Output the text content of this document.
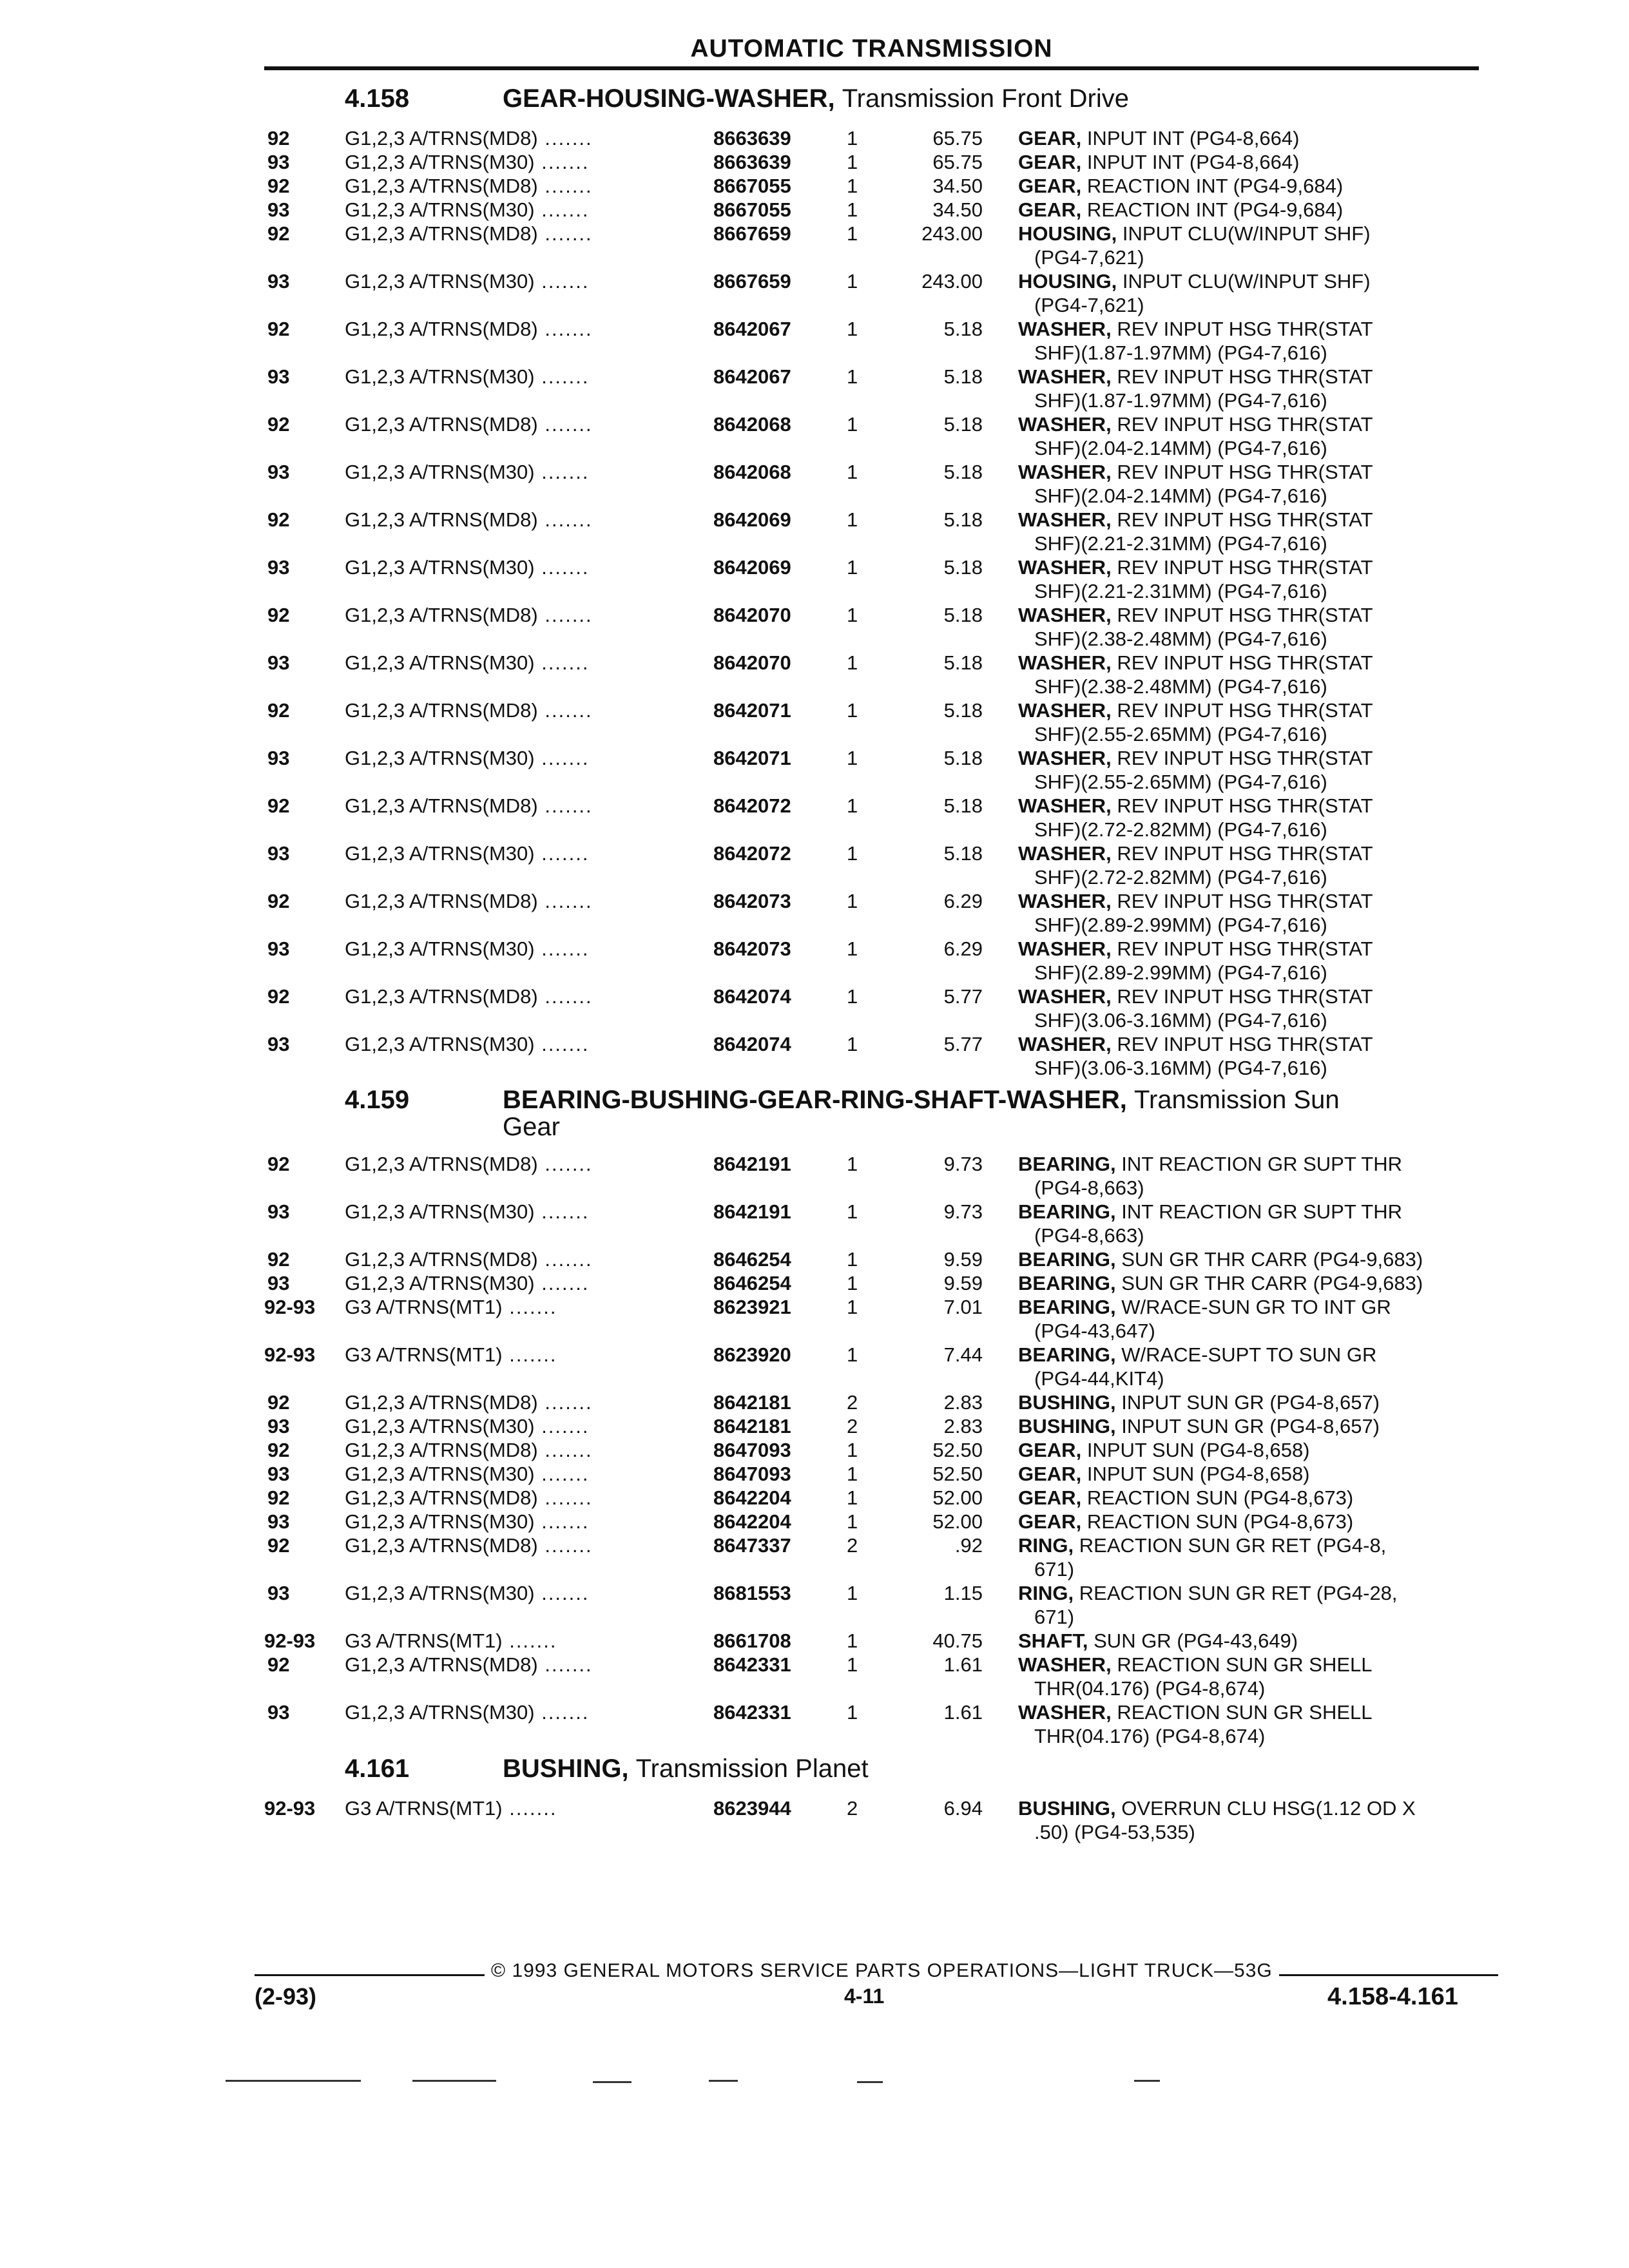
AUTOMATIC TRANSMISSION
4.158	GEAR-HOUSING-WASHER, Transmission Front Drive
92	G1,2,3 A/TRNS(MD8) .......	8663639	1	65.75 GEAR, INPUT INT (PG4-8,664)
93	G1,2,3 A/TRNS(M30) .......	8663639	1	65.75 GEAR, INPUT INT (PG4-8,664)
92	G1,2,3 A/TRNS(MD8) .......	8667055	1	34.50 GEAR, REACTION INT (PG4-9,684)
93	G1,2,3 A/TRNS(M30) .......	8667055	1	34.50 GEAR, REACTION INT (PG4-9,684)
92	G1,2,3 A/TRNS(MD8) .......	8667659	1	243.00 HOUSING, INPUT CLU(W/INPUT SHF)
(PG4-7,621)
93	G1,2,3 A/TRNS(M30) .......	8667659	1	243.00 HOUSING, INPUT CLU(W/INPUT SHF)
(PG4-7,621)
92	G1,2,3 A/TRNS(MD8) .......	8642067	1	5.18 WASHER, REV INPUT HSG THR(STAT
SHF)(1.87-1.97MM) (PG4-7,616)
93	G1,2,3 A/TRNS(M30) .......	8642067	1	5.18 WASHER, REV INPUT HSG THR(STAT
SHF)(1.87-1.97MM) (PG4-7,616)
92	G1,2,3 A/TRNS(MD8) .......	8642068	1	5.18 WASHER, REV INPUT HSG THR(STAT
SHF)(2.04-2.14MM) (PG4-7,616)
93	G1,2,3 A/TRNS(M30) .......	8642068	1	5.18 WASHER, REV INPUT HSG THR(STAT
SHF)(2.04-2.14MM) (PG4-7,616)
92	G1,2,3 A/TRNS(MD8) .......	8642069	1	5.18 WASHER, REV INPUT HSG THR(STAT
SHF)(2.21-2.31MM) (PG4-7,616)
93	G1,2,3 A/TRNS(M30) .......	8642069	1	5.18 WASHER, REV INPUT HSG THR(STAT
SHF)(2.21-2.31MM) (PG4-7,616)
92	G1,2,3 A/TRNS(MD8) .......	8642070	1	5.18 WASHER, REV INPUT HSG THR(STAT
SHF)(2.38-2.48MM) (PG4-7,616)
93	G1,2,3 A/TRNS(M30) .......	8642070	1	5.18 WASHER, REV INPUT HSG THR(STAT
SHF)(2.38-2.48MM) (PG4-7,616)
92	G1,2,3 A/TRNS(MD8) .......	8642071	1	5.18 WASHER, REV INPUT HSG THR(STAT
SHF)(2.55-2.65MM) (PG4-7,616)
93	G1,2,3 A/TRNS(M30) .......	8642071	1	5.18 WASHER, REV INPUT HSG THR(STAT
SHF)(2.55-2.65MM) (PG4-7,616)
92	G1,2,3 A/TRNS(MD8) .......	8642072	1	5.18 WASHER, REV INPUT HSG THR(STAT
SHF)(2.72-2.82MM) (PG4-7,616)
93	G1,2,3 A/TRNS(M30) .......	8642072	1	5.18 WASHER, REV INPUT HSG THR(STAT
SHF)(2.72-2.82MM) (PG4-7,616)
92	G1,2,3 A/TRNS(MD8) .......	8642073	1	6.29 WASHER, REV INPUT HSG THR(STAT
SHF)(2.89-2.99MM) (PG4-7,616)
93	G1,2,3 A/TRNS(M30) .......	8642073	1	6.29 WASHER, REV INPUT HSG THR(STAT
SHF)(2.89-2.99MM) (PG4-7,616)
92	G1,2,3 A/TRNS(MD8) .......	8642074	1	5.77 WASHER, REV INPUT HSG THR(STAT
SHF)(3.06-3.16MM) (PG4-7,616)
93	G1,2,3 A/TRNS(M30) .......	8642074	1	5.77 WASHER, REV INPUT HSG THR(STAT
SHF)(3.06-3.16MM) (PG4-7,616)
4.159	BEARING-BUSHING-GEAR-RING-SHAFT-WASHER, Transmission Sun
Gear
92	G1,2,3 A/TRNS(MD8) .......	8642191	1	9.73 BEARING, INT REACTION GR SUPT THR
(PG4-8,663)
93	G1,2,3 A/TRNS(M30) .......	8642191	1	9.73 BEARING, INT REACTION GR SUPT THR
(PG4-8,663)
92	G1,2,3 A/TRNS(MD8) .......	8646254	1	9.59 BEARING, SUN GR THR CARR (PG4-9,683)
93	G1,2,3 A/TRNS(M30) .......	8646254	1	9.59 BEARING, SUN GR THR CARR (PG4-9,683)
92-93 G3 A/TRNS(MT1) .......	8623921	1	7.01 BEARING, W/RACE-SUN GR TO INT GR
(PG4-43,647)
92-93 G3 A/TRNS(MT1) .......	8623920	1	7.44 BEARING, W/RACE-SUPT TO SUN GR
(PG4-44,KIT4)
92	G1,2,3 A/TRNS(MD8) .......	8642181	2	2.83 BUSHING, INPUT SUN GR (PG4-8,657)
93	G1,2,3 A/TRNS(M30) .......	8642181	2	2.83 BUSHING, INPUT SUN GR (PG4-8,657)
92	G1,2,3 A/TRNS(MD8) .......	8647093	1	52.50 GEAR, INPUT SUN (PG4-8,658)
93	G1,2,3 A/TRNS(M30) .......	8647093	1	52.50 GEAR, INPUT SUN (PG4-8,658)
92	G1,2,3 A/TRNS(MD8) .......	8642204	1	52.00 GEAR, REACTION SUN (PG4-8,673)
93	G1,2,3 A/TRNS(M30) .......	8642204	1	52.00 GEAR, REACTION SUN (PG4-8,673)
92	G1,2,3 A/TRNS(MD8) .......	8647337	2	.92 RING, REACTION SUN GR RET (PG4-8,
671)
93	G1,2,3 A/TRNS(M30) .......	8681553	1	1.15 RING, REACTION SUN GR RET (PG4-28,
671)
92-93 G3 A/TRNS(MT1) .......	8661708	1	40.75 SHAFT, SUN GR (PG4-43,649)
92	G1,2,3 A/TRNS(MD8) .......	8642331	1	1.61 WASHER, REACTION SUN GR SHELL
THR(04.176) (PG4-8,674)
93	G1,2,3 A/TRNS(M30) .......	8642331	1	1.61 WASHER, REACTION SUN GR SHELL
THR(04.176) (PG4-8,674)
4.161	BUSHING, Transmission Planet
92-93 G3 A/TRNS(MT1) .......	8623944	2	6.94 BUSHING, OVERRUN CLU HSG(1.12 OD X
.50) (PG4-53,535)
© 1993 GENERAL MOTORS SERVICE PARTS OPERATIONS—LIGHT TRUCK—53G
(2-93)	4-11	4.158-4.161
